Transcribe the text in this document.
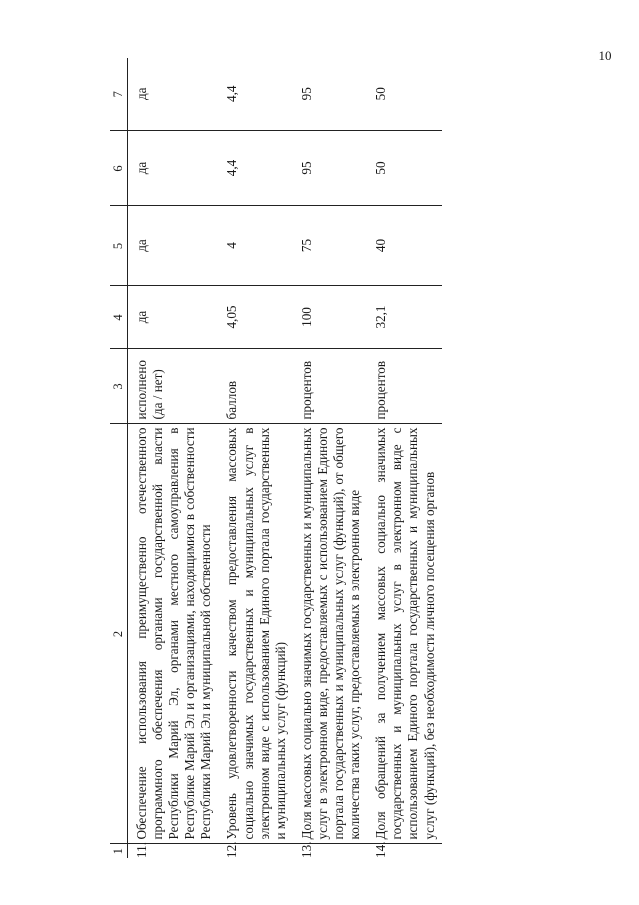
10
1	2	3	4	5	6	7
11.	Обеспечение использования преимущественно отечественного программного обеспечения органами государственной власти Республики Марий Эл, органами местного самоуправления в Республике Марий Эл и организациями, находящимися в собственности Республики Марий Эл и муниципальной собственности	исполнено (да / нет)	да	да	да	да
12.	Уровень удовлетворенности качеством предоставления массовых социально значимых государственных и муниципальных услуг в электронном виде с использованием Единого портала государственных и муниципальных услуг (функций)	баллов	4,05	4	4,4	4,4
13.	Доля массовых социально значимых государственных и муниципальных услуг в электронном виде, предоставляемых с использованием Единого портала государственных и муниципальных услуг (функций), от общего количества таких услуг, предоставляемых в электронном виде	процентов	100	75	95	95
14.	Доля обращений за получением массовых социально значимых государственных и муниципальных услуг в электронном виде с использованием Единого портала государственных и муниципальных услуг (функций), без необходимости личного посещения органов	процентов	32,1	40	50	50
